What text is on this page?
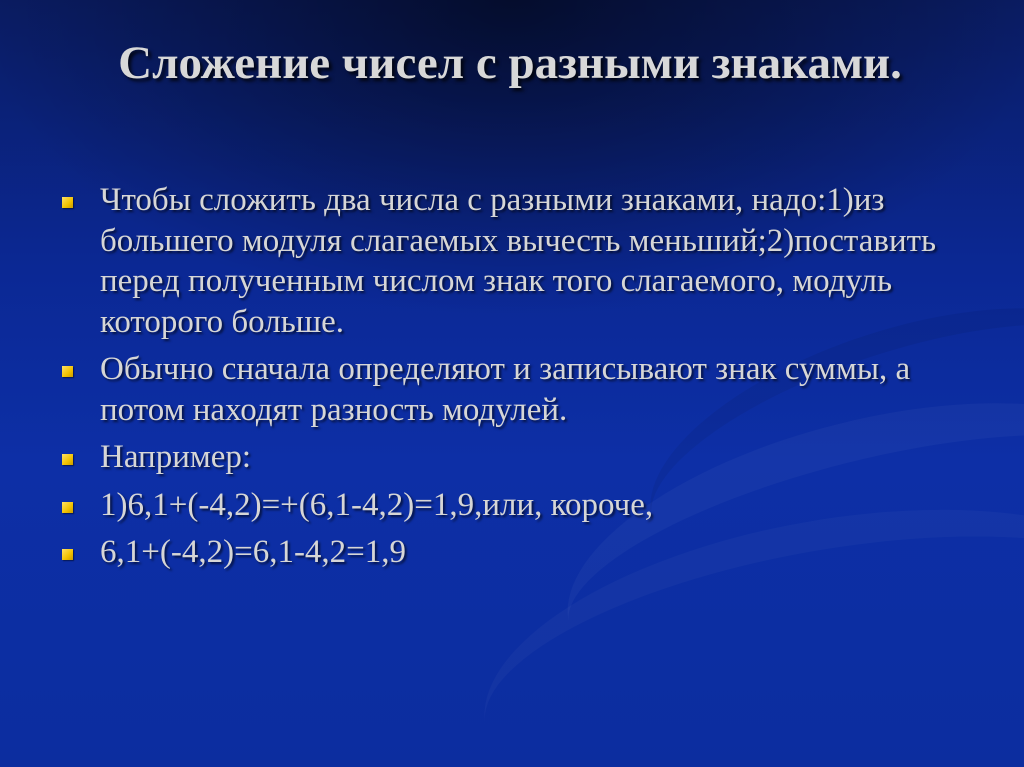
Сложение чисел с разными знаками.
Чтобы сложить два числа с разными знаками, надо:1)из большего модуля слагаемых вычесть меньший;2)поставить перед полученным числом знак того слагаемого, модуль которого больше.
Обычно сначала определяют и записывают знак суммы, а потом находят разность модулей.
Например:
1)6,1+(-4,2)=+(6,1-4,2)=1,9,или, короче,
6,1+(-4,2)=6,1-4,2=1,9
